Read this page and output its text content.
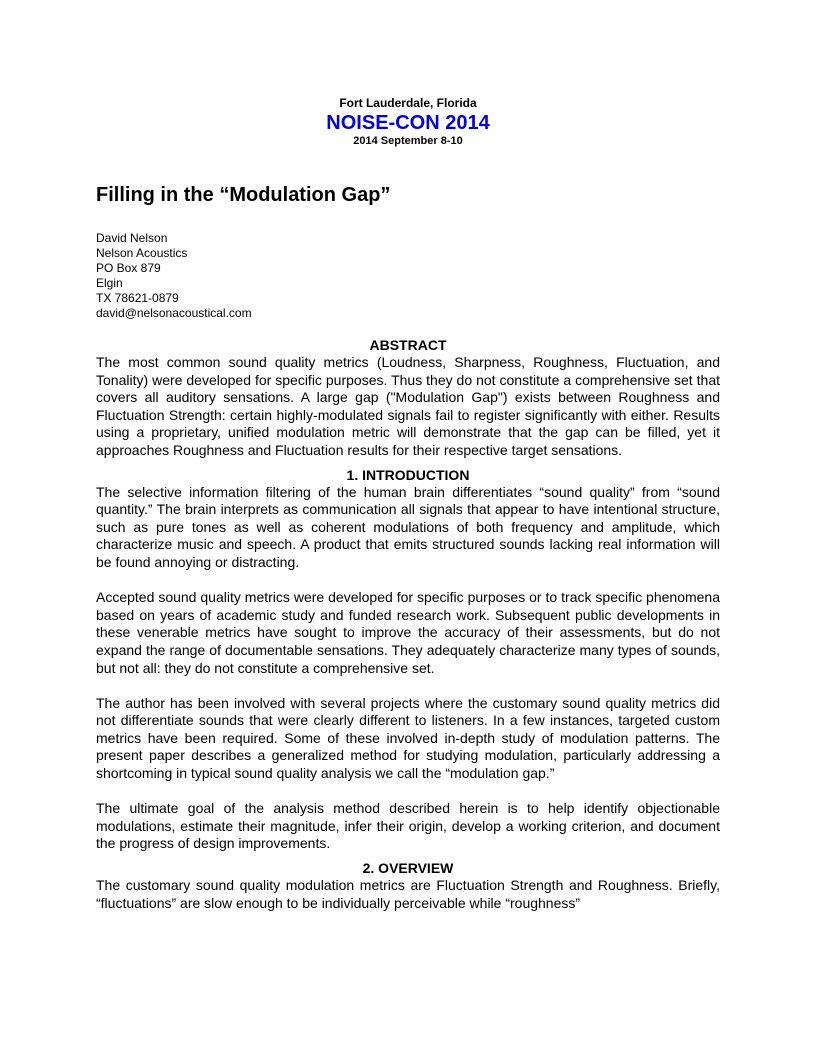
Fort Lauderdale, Florida
NOISE-CON 2014
2014 September 8-10
Filling in the “Modulation Gap”
David Nelson
Nelson Acoustics
PO Box 879
Elgin
TX 78621-0879
david@nelsonacoustical.com
ABSTRACT

The most common sound quality metrics (Loudness, Sharpness, Roughness, Fluctuation, and Tonality) were developed for specific purposes. Thus they do not constitute a comprehensive set that covers all auditory sensations. A large gap ("Modulation Gap") exists between Roughness and Fluctuation Strength: certain highly-modulated signals fail to register significantly with either. Results using a proprietary, unified modulation metric will demonstrate that the gap can be filled, yet it approaches Roughness and Fluctuation results for their respective target sensations.

1. INTRODUCTION

The selective information filtering of the human brain differentiates “sound quality” from “sound quantity.” The brain interprets as communication all signals that appear to have intentional structure, such as pure tones as well as coherent modulations of both frequency and amplitude, which characterize music and speech. A product that emits structured sounds lacking real information will be found annoying or distracting.

Accepted sound quality metrics were developed for specific purposes or to track specific phenomena based on years of academic study and funded research work. Subsequent public developments in these venerable metrics have sought to improve the accuracy of their assessments, but do not expand the range of documentable sensations. They adequately characterize many types of sounds, but not all: they do not constitute a comprehensive set.

The author has been involved with several projects where the customary sound quality metrics did not differentiate sounds that were clearly different to listeners. In a few instances, targeted custom metrics have been required. Some of these involved in-depth study of modulation patterns. The present paper describes a generalized method for studying modulation, particularly addressing a shortcoming in typical sound quality analysis we call the “modulation gap.”

The ultimate goal of the analysis method described herein is to help identify objectionable modulations, estimate their magnitude, infer their origin, develop a working criterion, and document the progress of design improvements.

2. OVERVIEW

The customary sound quality modulation metrics are Fluctuation Strength and Roughness. Briefly, “fluctuations” are slow enough to be individually perceivable while “roughness”
